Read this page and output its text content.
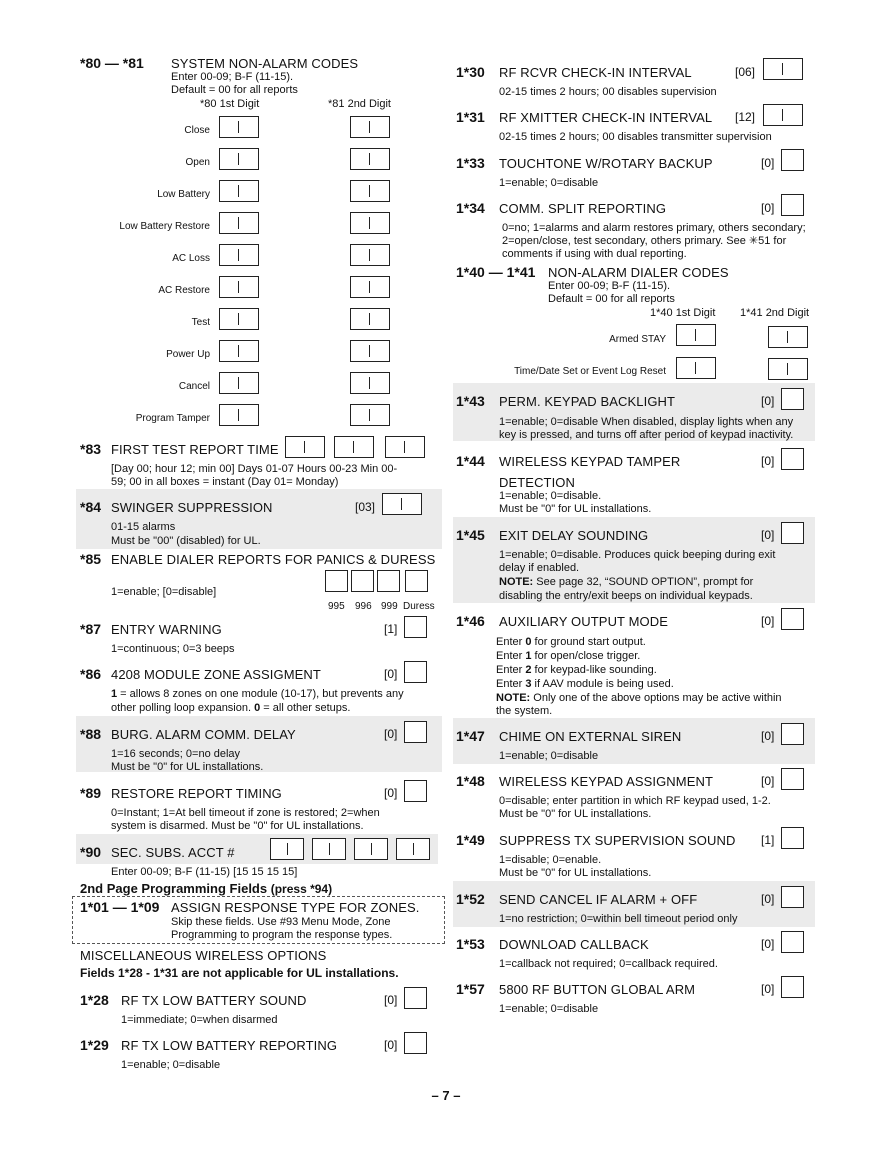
*80 — *81 SYSTEM NON-ALARM CODES
Enter 00-09; B-F (11-15).
Default = 00 for all reports
*80 1st Digit	*81 2nd Digit
Close
Open
Low Battery
Low Battery Restore
AC Loss
AC Restore
Test
Power Up
Cancel
Program Tamper
*83 FIRST TEST REPORT TIME
[Day 00; hour 12; min 00] Days 01-07 Hours 00-23 Min 00-
59; 00 in all boxes = instant (Day 01= Monday)
*84 SWINGER SUPPRESSION	[03]
01-15 alarms
Must be "00" (disabled) for UL.
*85 ENABLE DIALER REPORTS FOR PANICS & DURESS
1=enable; [0=disable]
995 996 999 Duress
*87 ENTRY WARNING	[1]
1=continuous; 0=3 beeps
*86 4208 MODULE ZONE ASSIGMENT	[0]
1 = allows 8 zones on one module (10-17), but prevents any
other polling loop expansion. 0 = all other setups.
*88 BURG. ALARM COMM. DELAY	[0]
1=16 seconds; 0=no delay
Must be "0" for UL installations.
*89 RESTORE REPORT TIMING	[0]
0=Instant; 1=At bell timeout if zone is restored; 2=when
system is disarmed. Must be "0" for UL installations.
*90 SEC. SUBS. ACCT #
Enter 00-09; B-F (11-15) [15 15 15 15]
2nd Page Programming Fields (press *94)
1*01 — 1*09 ASSIGN RESPONSE TYPE FOR ZONES.
Skip these fields. Use #93 Menu Mode, Zone
Programming to program the response types.
MISCELLANEOUS WIRELESS OPTIONS
Fields 1*28 - 1*31 are not applicable for UL installations.
1*28 RF TX LOW BATTERY SOUND	[0]
1=immediate; 0=when disarmed
1*29 RF TX LOW BATTERY REPORTING	[0]
1=enable; 0=disable
1*30 RF RCVR CHECK-IN INTERVAL	[06]
02-15 times 2 hours; 00 disables supervision
1*31 RF XMITTER CHECK-IN INTERVAL [12]
02-15 times 2 hours; 00 disables transmitter supervision
1*33 TOUCHTONE W/ROTARY BACKUP	[0]
1=enable; 0=disable
1*34 COMM. SPLIT REPORTING	[0]
0=no; 1=alarms and alarm restores primary, others secondary;
2=open/close, test secondary, others primary. See ✳51 for
comments if using with dual reporting.
1*40 — 1*41 NON-ALARM DIALER CODES
Enter 00-09; B-F (11-15).
Default = 00 for all reports
1*40 1st Digit 1*41 2nd Digit
Armed STAY
Time/Date Set or Event Log Reset
1*43 PERM. KEYPAD BACKLIGHT	[0]
1=enable; 0=disable When disabled, display lights when any
key is pressed, and turns off after period of keypad inactivity.
1*44 WIRELESS KEYPAD TAMPER
DETECTION
[0]
1=enable; 0=disable.
Must be "0" for UL installations.
1*45 EXIT DELAY SOUNDING	[0]
1=enable; 0=disable. Produces quick beeping during exit
delay if enabled.
NOTE: See page 32, “SOUND OPTION”, prompt for
disabling the entry/exit beeps on individual keypads.
1*46 AUXILIARY OUTPUT MODE	[0]
Enter 0 for ground start output.
Enter 1 for open/close trigger.
Enter 2 for keypad-like sounding.
Enter 3 if AAV module is being used.
NOTE: Only one of the above options may be active within
the system.
1*47 CHIME ON EXTERNAL SIREN	[0]
1=enable; 0=disable
1*48 WIRELESS KEYPAD ASSIGNMENT	[0]
0=disable; enter partition in which RF keypad used, 1-2.
Must be "0" for UL installations.
1*49 SUPPRESS TX SUPERVISION SOUND [1]
1=disable; 0=enable.
Must be "0" for UL installations.
1*52 SEND CANCEL IF ALARM + OFF	[0]
1=no restriction; 0=within bell timeout period only
1*53 DOWNLOAD CALLBACK	[0]
1=callback not required; 0=callback required.
1*57 5800 RF BUTTON GLOBAL ARM	[0]
1=enable; 0=disable
– 7 –
